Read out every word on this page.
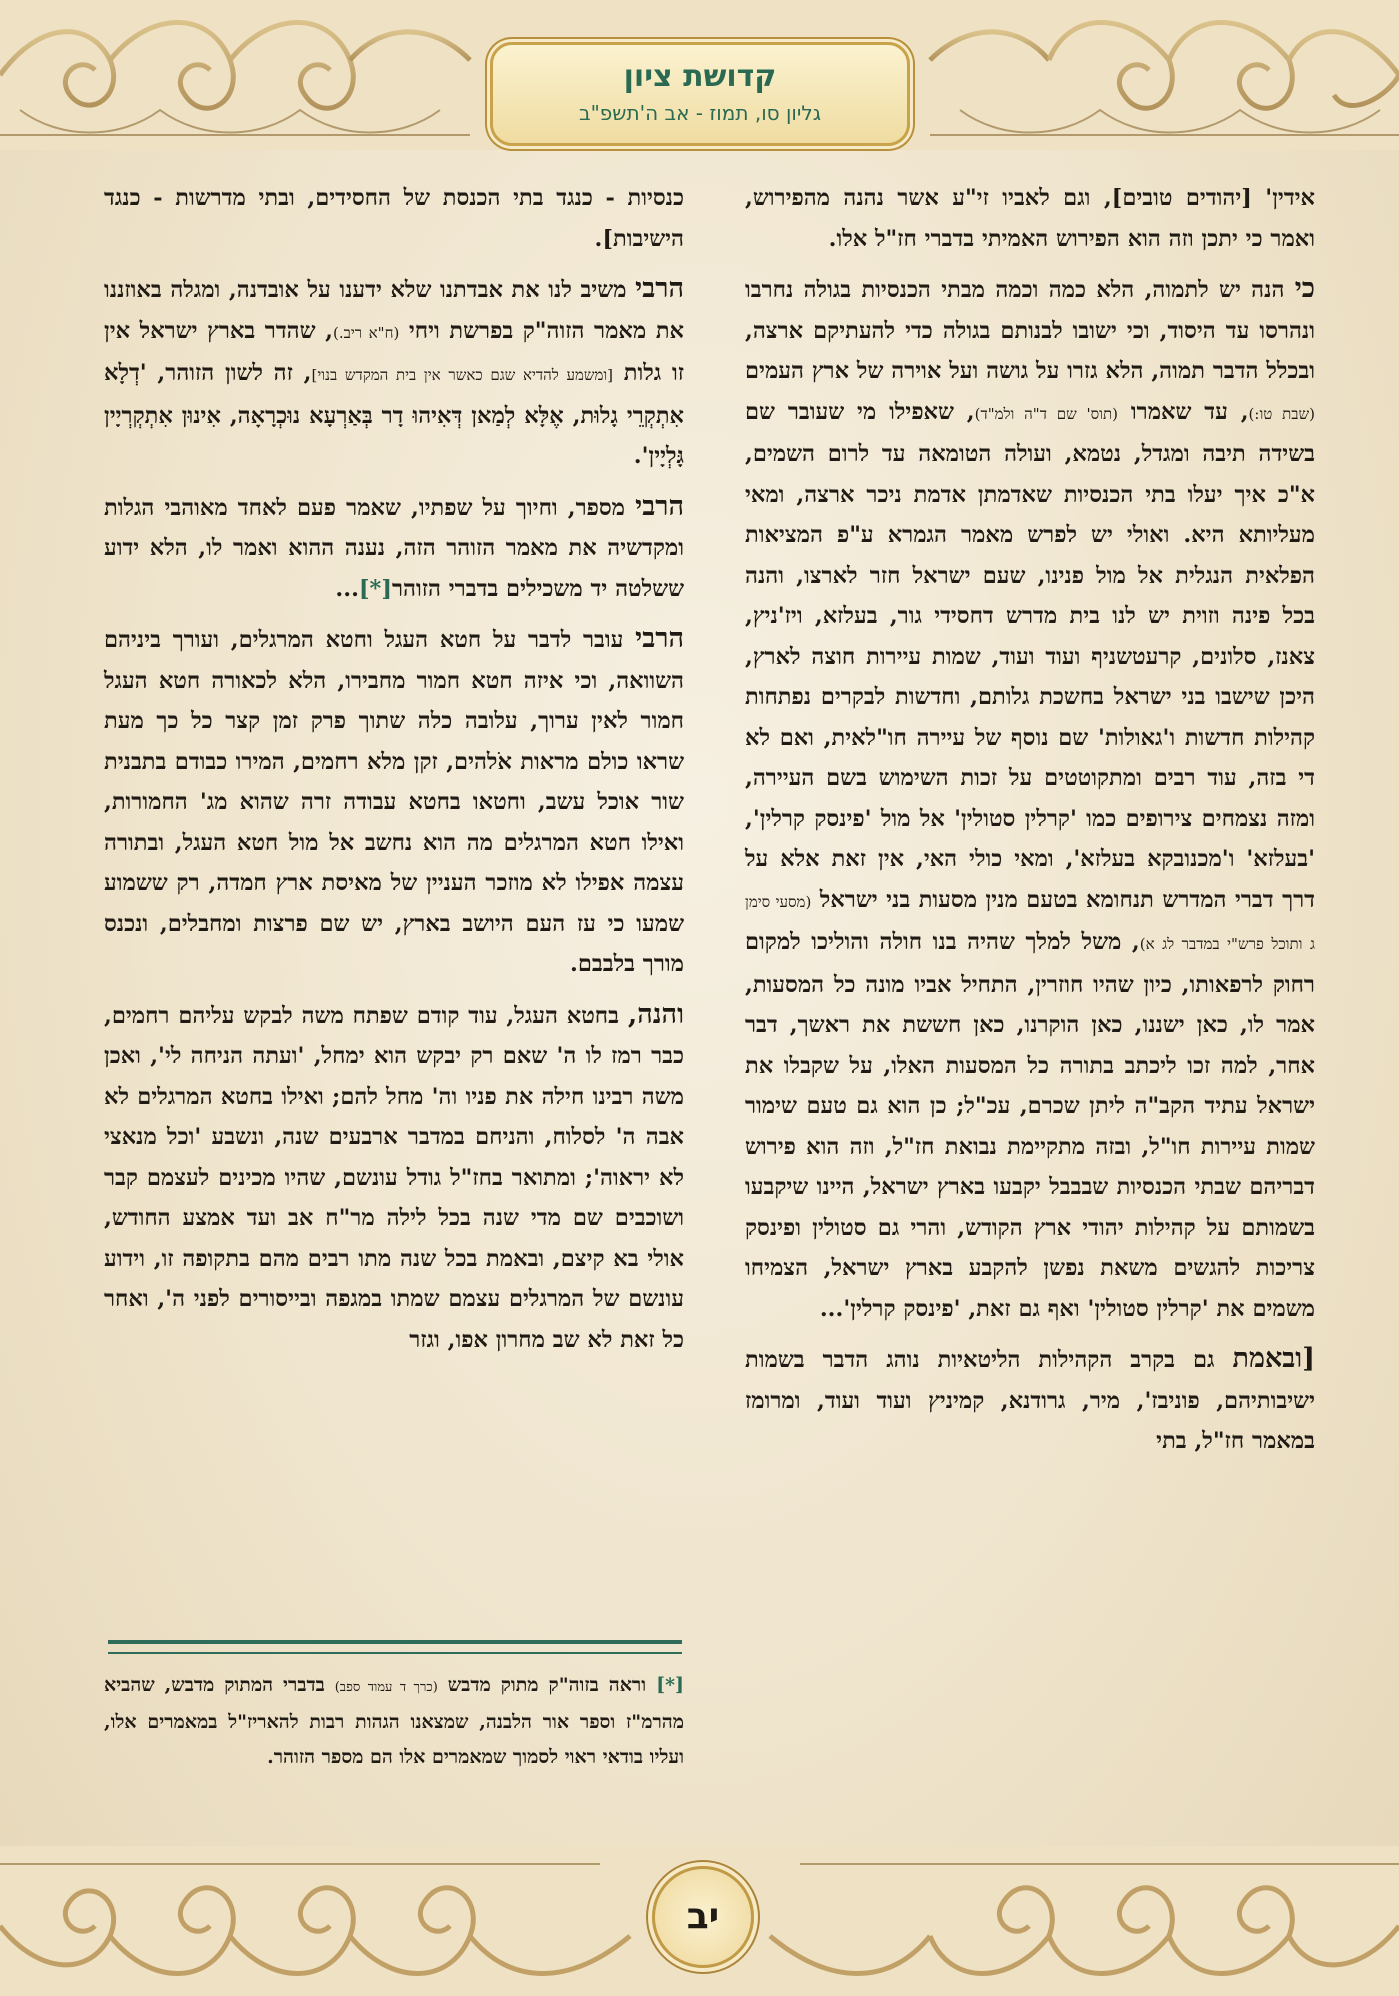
קדושת ציון
גליון סו, תמוז - אב ה'תשפ"ב

אידין' [יהודים טובים], וגם לאביו זי"ע אשר נהנה מהפירוש, ואמר כי יתכן וזה הוא הפירוש האמיתי בדברי חז"ל אלו.

כי הנה יש לתמוה, הלא כמה וכמה מבתי הכנסיות בגולה נחרבו ונהרסו עד היסוד, וכי ישובו לבנותם בגולה כדי להעתיקם ארצה, ובכלל הדבר תמוה, הלא גזרו על גושה ועל אוירה של ארץ העמים (שבת טו:), עד שאמרו (תוס' שם ד"ה ולמ"ד), שאפילו מי שעובר שם בשידה תיבה ומגדל, נטמא, ועולה הטומאה עד לרום השמים, א"כ איך יעלו בתי הכנסיות שאדמתן אדמת ניכר ארצה, ומאי מעליותא היא. ואולי יש לפרש מאמר הגמרא ע"פ המציאות הפלאית הנגלית אל מול פנינו, שעם ישראל חזר לארצו, והנה בכל פינה וזוית יש לנו בית מדרש דחסידי גור, בעלזא, ויז'ניץ, צאנז, סלונים, קרעטשניף ועוד ועוד, שמות עיירות חוצה לארץ, היכן שישבו בני ישראל בחשכת גלותם, וחדשות לבקרים נפתחות קהילות חדשות ו'גאולות' שם נוסף של עיירה חו"לאית, ואם לא די בזה, עוד רבים ומתקוטטים על זכות השימוש בשם העיירה, ומזה נצמחים צירופים כמו 'קרלין סטולין' אל מול 'פינסק קרלין', 'בעלזא' ו'מכנובקא בעלזא', ומאי כולי האי, אין זאת אלא על דרך דברי המדרש תנחומא בטעם מנין מסעות בני ישראל (מסעי סימן ג ותוכל פרש"י במדבר לג א), משל למלך שהיה בנו חולה והוליכו למקום רחוק לרפאותו, כיון שהיו חוזרין, התחיל אביו מונה כל המסעות, אמר לו, כאן ישננו, כאן הוקרנו, כאן חששת את ראשך, דבר אחר, למה זכו ליכתב בתורה כל המסעות האלו, על שקבלו את ישראל עתיד הקב"ה ליתן שכרם, עכ"ל; כן הוא גם טעם שימור שמות עיירות חו"ל, ובזה מתקיימת נבואת חז"ל, וזה הוא פירוש דבריהם שבתי הכנסיות שבבבל יקבעו בארץ ישראל, היינו שיקבעו בשמותם על קהילות יהודי ארץ הקודש, והרי גם סטולין ופינסק צריכות להגשים משאת נפשן להקבע בארץ ישראל, הצמיחו משמים את 'קרלין סטולין' ואף גם זאת, 'פינסק קרלין'...

[ובאמת גם בקרב הקהילות הליטאיות נוהג הדבר בשמות ישיבותיהם, פוניבז', מיר, גרודנא, קמיניץ ועוד ועוד, ומרומז במאמר חז"ל, בתי

כנסיות - כנגד בתי הכנסת של החסידים, ובתי מדרשות - כנגד הישיבות].

הרבי משיב לנו את אבדתנו שלא ידענו על אובדנה, ומגלה באוזננו את מאמר הזוה"ק בפרשת ויחי (ח"א ריב.), שהדר בארץ ישראל אין זו גלות [ומשמע להדיא שגם כאשר אין בית המקדש בנוי], זה לשון הזוהר, 'דְלָא אִתְקְרֵי גָלוּת, אֶלָּא לְמַאן דְּאִיהוּ דָר בְּאַרְעָא נוּכְרָאָה, אִינוּן אִתְקְרְיָין גָּלְיָין'.

הרבי מספר, וחיוך על שפתיו, שאמר פעם לאחד מאוהבי הגלות ומקדשיה את מאמר הזוהר הזה, נענה ההוא ואמר לו, הלא ידוע ששלטה יד משכילים בדברי הזוהר[*]...

הרבי עובר לדבר על חטא העגל וחטא המרגלים, ועורך ביניהם השוואה, וכי איזה חטא חמור מחבירו, הלא לכאורה חטא העגל חמור לאין ערוך, עלובה כלה שתוך פרק זמן קצר כל כך מעת שראו כולם מראות אֹלהים, זקן מלא רחמים, המירו כבודם בתבנית שור אוכל עשב, וחטאו בחטא עבודה זרה שהוא מג' החמורות, ואילו חטא המרגלים מה הוא נחשב אל מול חטא העגל, ובתורה עצמה אפילו לא מוזכר העניין של מאיסת ארץ חמדה, רק ששמוע שמעו כי עז העם היושב בארץ, יש שם פרצות ומחבלים, ונכנס מורך בלבבם.

והנה, בחטא העגל, עוד קודם שפתח משה לבקש עליהם רחמים, כבר רמז לו ה' שאם רק יבקש הוא ימחל, 'ועתה הניחה לי', ואכן משה רבינו חילה את פניו וה' מחל להם; ואילו בחטא המרגלים לא אבה ה' לסלוח, והניחם במדבר ארבעים שנה, ונשבע 'וכל מנאצי לא יראוה'; ומתואר בחז"ל גודל עונשם, שהיו מכינים לעצמם קבר ושוכבים שם מדי שנה בכל לילה מר"ח אב ועד אמצע החודש, אולי בא קיצם, ובאמת בכל שנה מתו רבים מהם בתקופה זו, וידוע עונשם של המרגלים עצמם שמתו במגפה ובייסורים לפני ה', ואחר כל זאת לא שב מחרון אפו, וגזר

[*] וראה בזוה"ק מתוק מדבש (כרך ד עמוד ספב) בדברי המתוק מדבש, שהביא מהרמ"ז וספר אור הלבנה, שמצאנו הגהות רבות להאריז"ל במאמרים אלו, ועליו בודאי ראוי לסמוך שמאמרים אלו הם מספר הזוהר.
יב
